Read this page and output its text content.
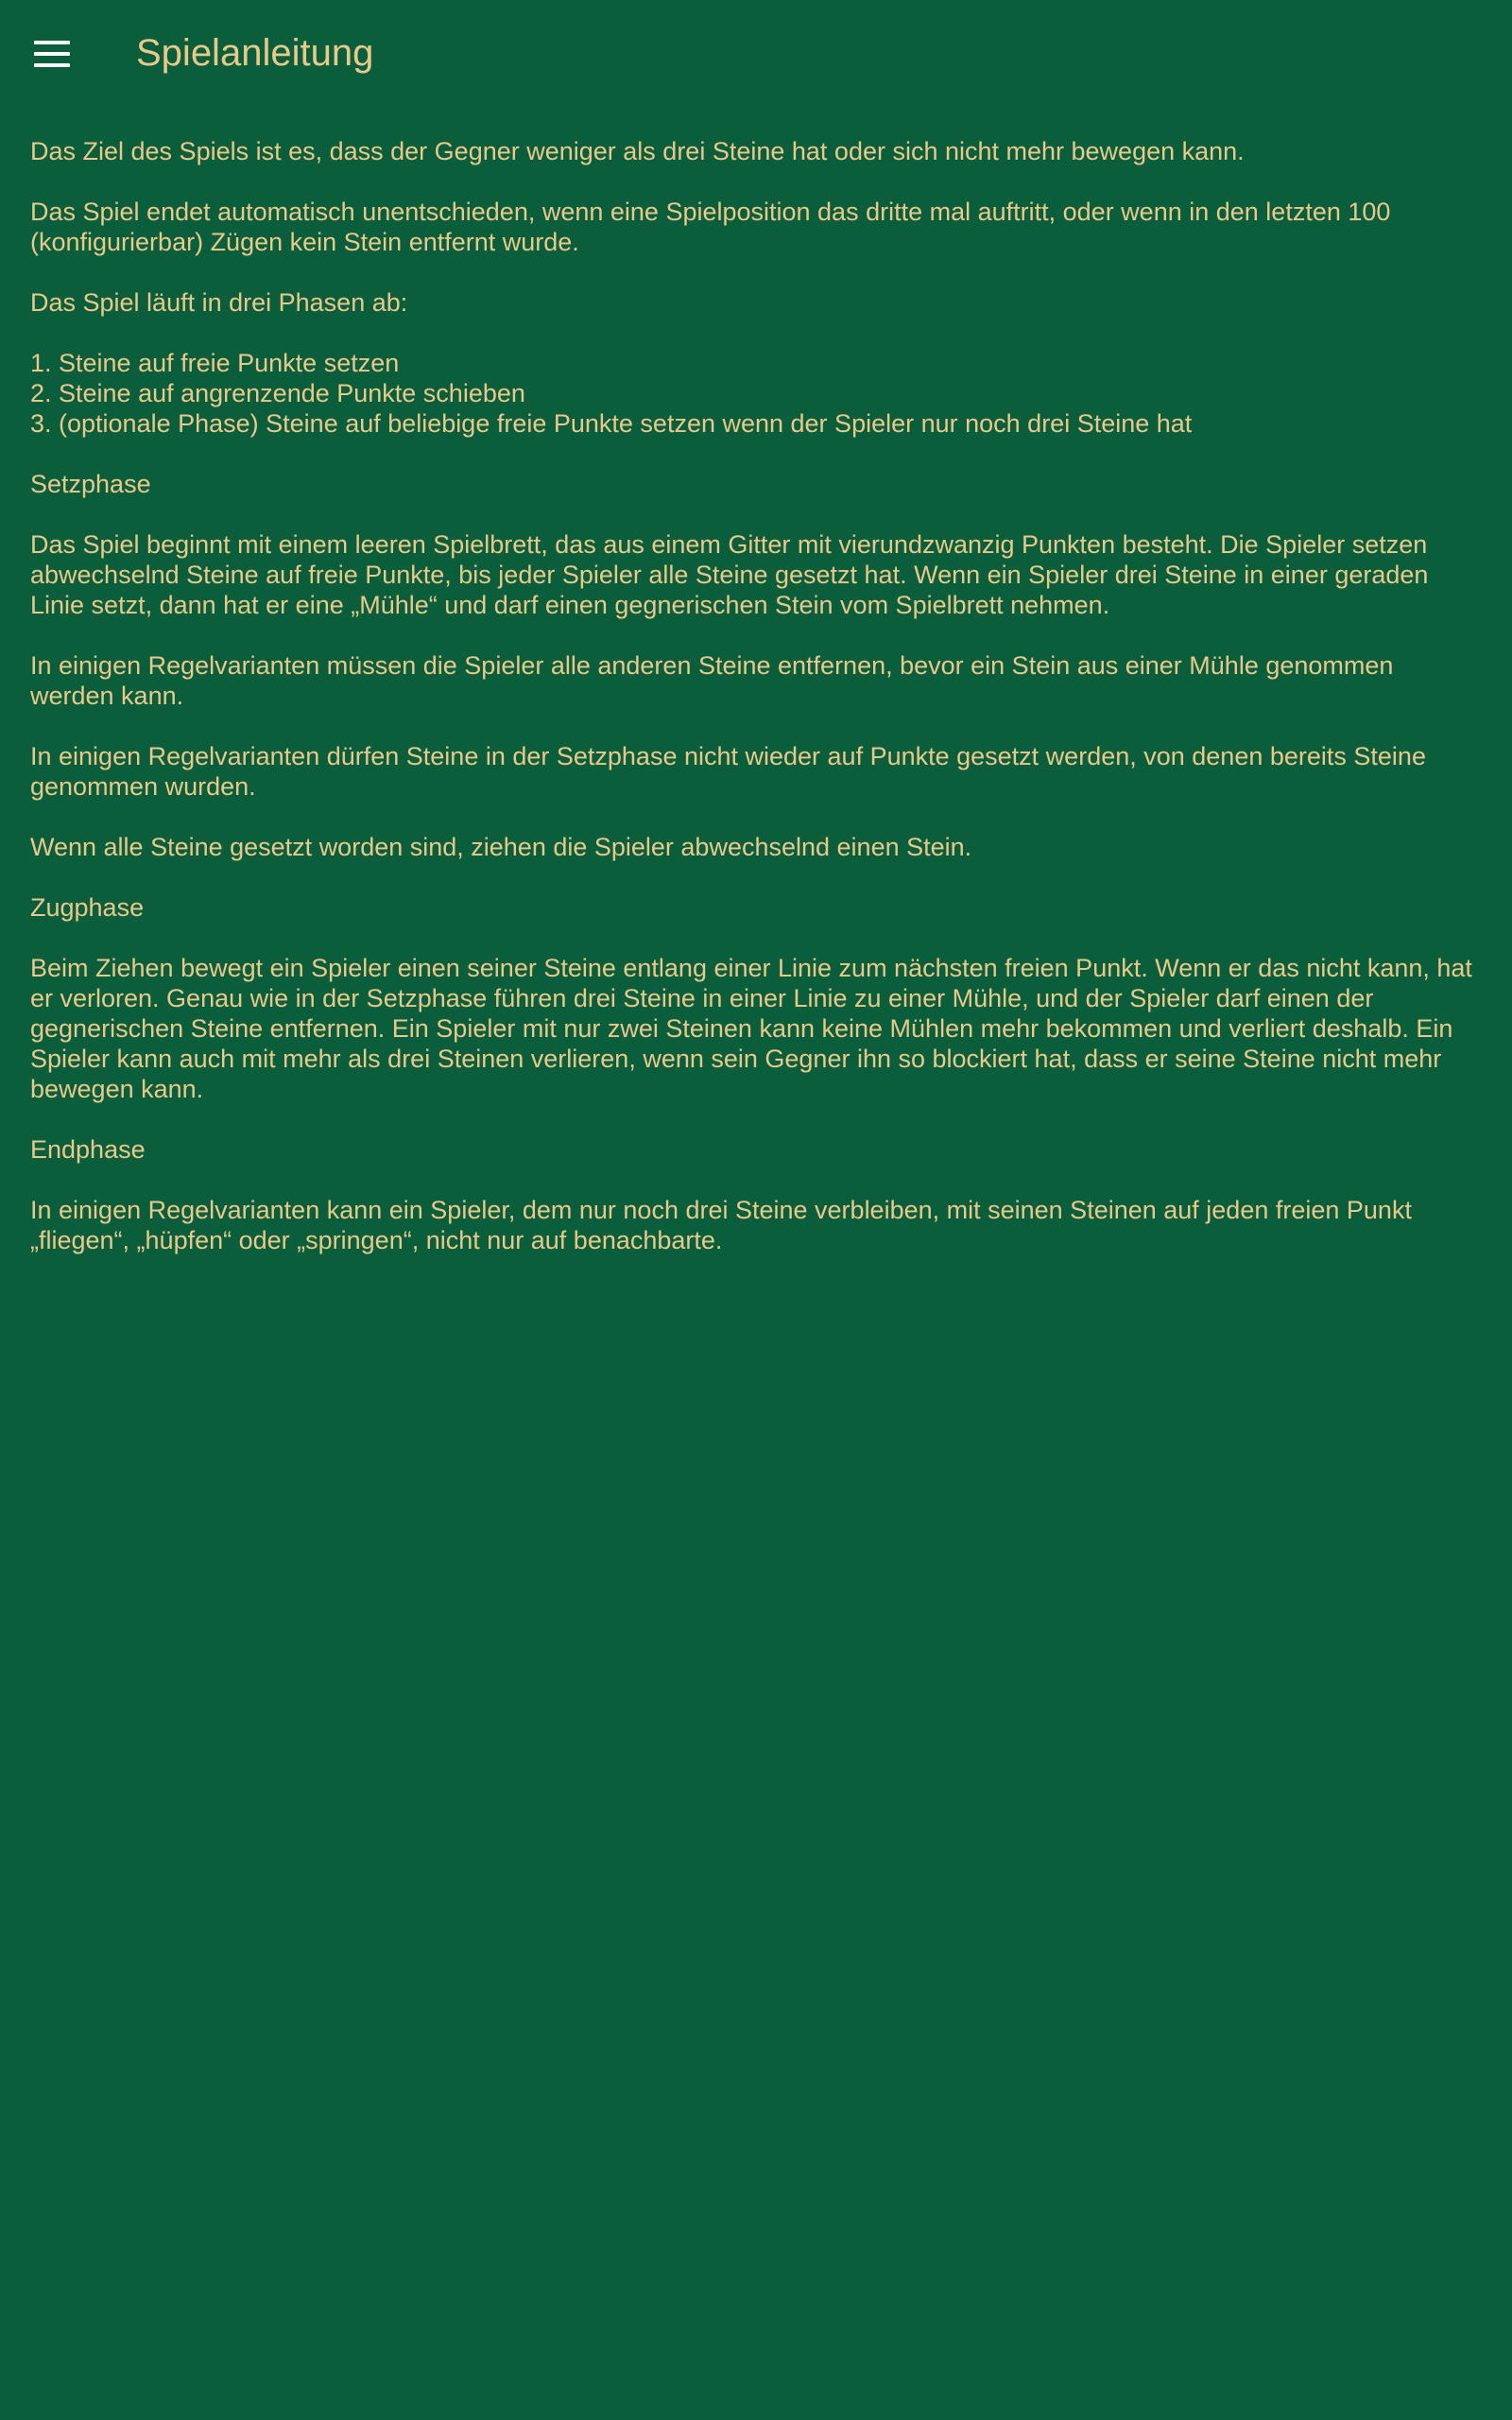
Spielanleitung

Das Ziel des Spiels ist es, dass der Gegner weniger als drei Steine hat oder sich nicht mehr bewegen kann.

Das Spiel endet automatisch unentschieden, wenn eine Spielposition das dritte mal auftritt, oder wenn in den letzten 100 (konfigurierbar) Zügen kein Stein entfernt wurde.

Das Spiel läuft in drei Phasen ab:

1. Steine auf freie Punkte setzen
2. Steine auf angrenzende Punkte schieben
3. (optionale Phase) Steine auf beliebige freie Punkte setzen wenn der Spieler nur noch drei Steine hat

Setzphase

Das Spiel beginnt mit einem leeren Spielbrett, das aus einem Gitter mit vierundzwanzig Punkten besteht. Die Spieler setzen abwechselnd Steine auf freie Punkte, bis jeder Spieler alle Steine gesetzt hat. Wenn ein Spieler drei Steine in einer geraden Linie setzt, dann hat er eine „Mühle“ und darf einen gegnerischen Stein vom Spielbrett nehmen.

In einigen Regelvarianten müssen die Spieler alle anderen Steine entfernen, bevor ein Stein aus einer Mühle genommen werden kann.

In einigen Regelvarianten dürfen Steine in der Setzphase nicht wieder auf Punkte gesetzt werden, von denen bereits Steine genommen wurden.

Wenn alle Steine gesetzt worden sind, ziehen die Spieler abwechselnd einen Stein.

Zugphase

Beim Ziehen bewegt ein Spieler einen seiner Steine entlang einer Linie zum nächsten freien Punkt. Wenn er das nicht kann, hat er verloren. Genau wie in der Setzphase führen drei Steine in einer Linie zu einer Mühle, und der Spieler darf einen der gegnerischen Steine entfernen. Ein Spieler mit nur zwei Steinen kann keine Mühlen mehr bekommen und verliert deshalb. Ein Spieler kann auch mit mehr als drei Steinen verlieren, wenn sein Gegner ihn so blockiert hat, dass er seine Steine nicht mehr bewegen kann.

Endphase

In einigen Regelvarianten kann ein Spieler, dem nur noch drei Steine verbleiben, mit seinen Steinen auf jeden freien Punkt „fliegen“, „hüpfen“ oder „springen“, nicht nur auf benachbarte.
